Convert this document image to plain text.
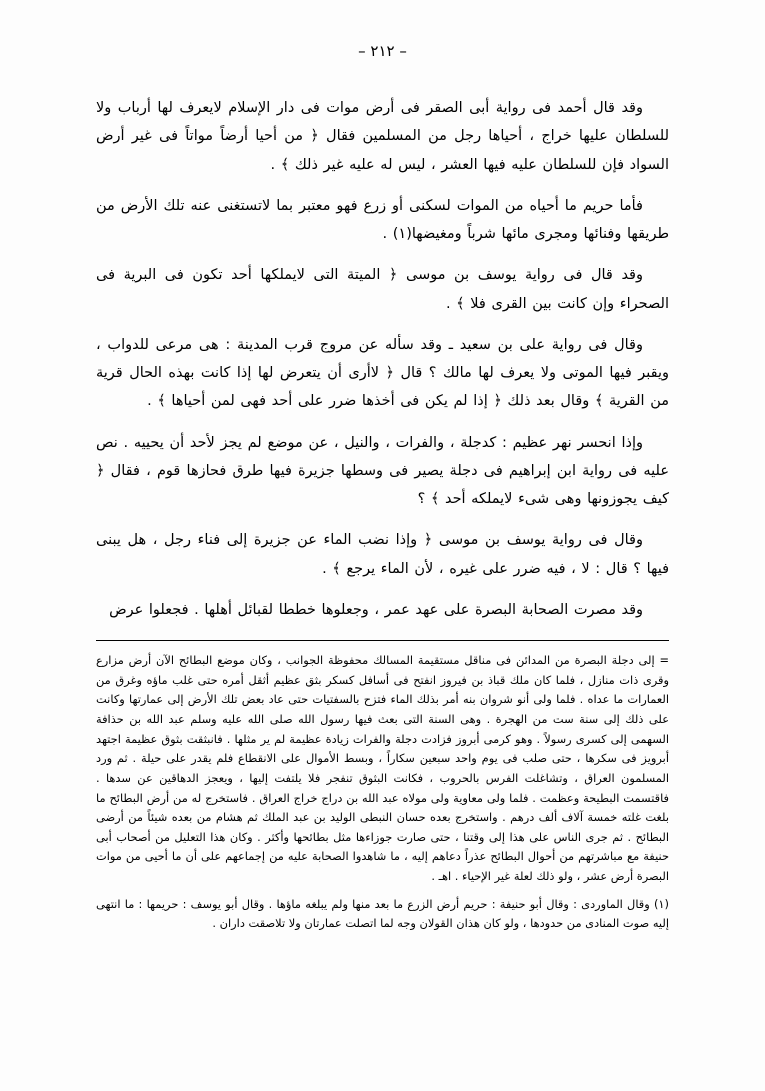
– ٢١٢ –

وقد قال أحمد فى رواية أبى الصقر فى أرض موات فى دار الإسلام لايعرف لها أرباب ولا للسلطان عليها خراج ، أحياها رجل من المسلمين فقال ﴿ من أحيا أرضاً مواتاً فى غير أرض السواد فإن للسلطان عليه فيها العشر ، ليس له عليه غير ذلك ﴾ .

فأما حريم ما أحياه من الموات لسكنى أو زرع فهو معتبر بما لاتستغنى عنه تلك الأرض من طريقها وفنائها ومجرى مائها شرباً ومغيضها(١) .

وقد قال فى رواية يوسف بن موسى ﴿ الميتة التى لايملكها أحد تكون فى البرية فى الصحراء وإن كانت بين القرى فلا ﴾ .

وقال فى رواية على بن سعيد ـ وقد سأله عن مروج قرب المدينة : هى مرعى للدواب ، ويقبر فيها الموتى ولا يعرف لها مالك ؟ قال ﴿ لاأرى أن يتعرض لها إذا كانت بهذه الحال قرية من القرية ﴾ وقال بعد ذلك ﴿ إذا لم يكن فى أخذها ضرر على أحد فهى لمن أحياها ﴾ .

وإذا انحسر نهر عظيم : كدجلة ، والفرات ، والنيل ، عن موضع لم يجز لأحد أن يحييه . نص عليه فى رواية ابن إبراهيم فى دجلة يصير فى وسطها جزيرة فيها طرق فحازها قوم ، فقال ﴿ كيف يجوزونها وهى شىء لايملكه أحد ﴾ ؟

وقال فى رواية يوسف بن موسى ﴿ وإذا نضب الماء عن جزيرة إلى فناء رجل ، هل يبنى فيها ؟ قال : لا ، فيه ضرر على غيره ، لأن الماء يرجع ﴾ .

وقد مصرت الصحابة البصرة على عهد عمر ، وجعلوها خططا لقبائل أهلها . فجعلوا عرض

= إلى دجلة البصرة من المدائن فى مناقل مستقيمة المسالك محفوظة الجوانب ، وكان موضع البطائح الآن أرض مزارع وقرى ذات منازل ، فلما كان ملك قباذ بن فيروز انفتح فى أسافل كسكر بثق عظيم أثقل أمره حتى غلب ماؤه وغرق من العمارات ما عداه . فلما ولى أنو شروان بنه أمر بذلك الماء فتزح بالسفتيات حتى عاد بعض تلك الأرض إلى عمارتها وكانت على ذلك إلى سنة ست من الهجرة . وهى السنة التى بعث فيها رسول الله صلى الله عليه وسلم عبد الله بن حذافة السهمى إلى كسرى رسولاً . وهو كرمى أبروز فزادت دجلة والفرات زيادة عظيمة لم ير مثلها . فانبثقت بثوق عظيمة اجتهد أبرويز فى سكرها ، حتى صلب فى يوم واحد سبعين سكاراً ، وبسط الأموال على الانقطاع فلم يقدر على حيلة . ثم ورد المسلمون العراق ، وتشاغلت الفرس بالحروب ، فكانت البثوق تنفجر فلا يلتفت إليها ، ويعجز الدهاقين عن سدها . فاقتسمت البطيحة وعظمت . فلما ولى معاوية ولى مولاه عبد الله بن دراج خراج العراق . فاستخرج له من أرض البطائح ما بلغت غلته خمسة آلاف ألف درهم . واستخرج بعده حسان النبطى الوليد بن عبد الملك ثم هشام من بعده شيئاً من أرضى البطائح . ثم جرى الناس على هذا إلى وقتنا ، حتى صارت جوزاءها مثل بطائحها وأكثر . وكان هذا التعليل من أصحاب أبى حنيفة مع مباشرتهم من أحوال البطائح عذراً دعاهم إليه ، ما شاهدوا الصحابة عليه من إجماعهم على أن ما أحيى من موات البصرة أرض عشر ، ولو ذلك لعلة غير الإحياء . اهـ .

(١) وقال الماوردى : وقال أبو حنيفة : حريم أرض الزرع ما بعد منها ولم يبلغه ماؤها . وقال أبو يوسف : حريمها : ما انتهى إليه صوت المنادى من حدودها ، ولو كان هذان القولان وجه لما اتصلت عمارتان ولا تلاصقت داران .
